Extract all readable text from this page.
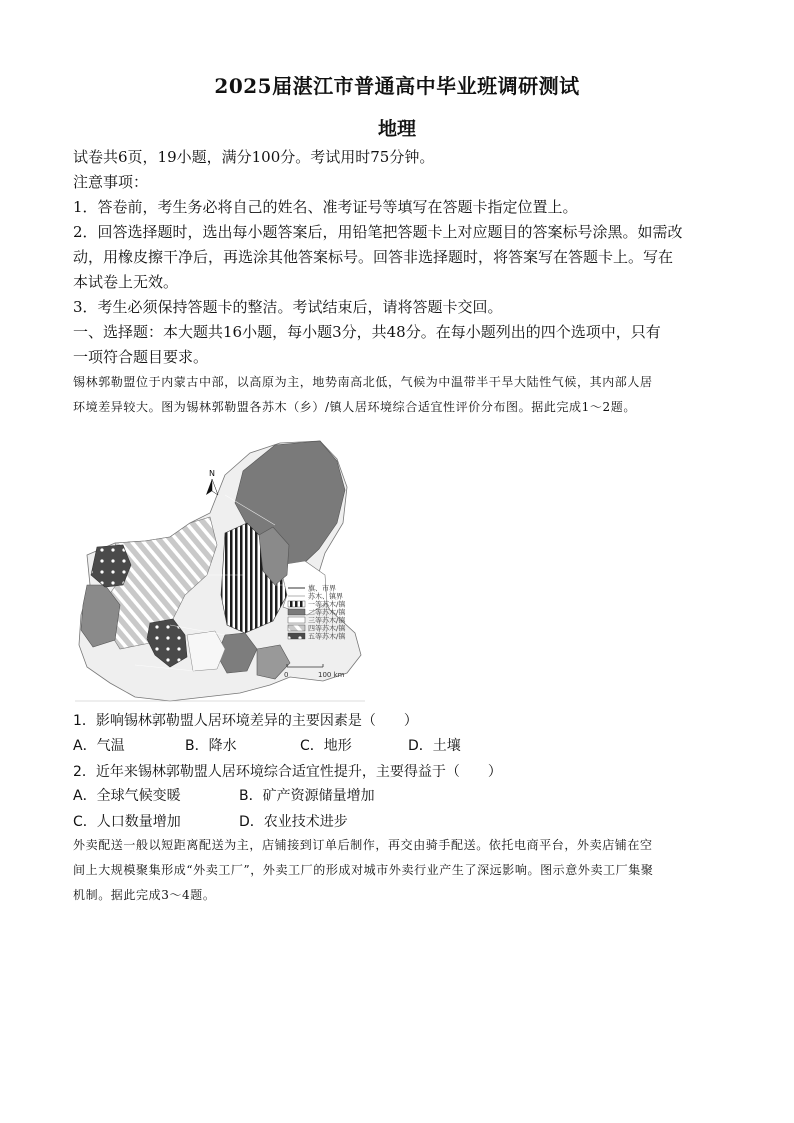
2025届湛江市普通高中毕业班调研测试
地理
试卷共6页，19小题，满分100分。考试用时75分钟。
注意事项：
1．答卷前，考生务必将自己的姓名、准考证号等填写在答题卡指定位置上。
2．回答选择题时，选出每小题答案后，用铅笔把答题卡上对应题目的答案标号涂黑。如需改
动，用橡皮擦干净后，再选涂其他答案标号。回答非选择题时，将答案写在答题卡上。写在
本试卷上无效。
3．考生必须保持答题卡的整洁。考试结束后，请将答题卡交回。
一、选择题：本大题共16小题，每小题3分，共48分。在每小题列出的四个选项中，只有
一项符合题目要求。
锡林郭勒盟位于内蒙古中部，以高原为主，地势南高北低，气候为中温带半干旱大陆性气候，其内部人居
环境差异较大。图为锡林郭勒盟各苏木（乡）/镇人居环境综合适宜性评价分布图。据此完成1～2题。
N
旗、市界
苏木、镇界
一等苏木/镇
二等苏木/镇
三等苏木/镇
四等苏木/镇
五等苏木/镇
0	100 km
1．影响锡林郭勒盟人居环境差异的主要因素是（　　）
A．气温	B．降水	C．地形	D．土壤
2．近年来锡林郭勒盟人居环境综合适宜性提升，主要得益于（　　）
A．全球气候变暖	B．矿产资源储量增加
C．人口数量增加	D．农业技术进步
外卖配送一般以短距离配送为主，店铺接到订单后制作，再交由骑手配送。依托电商平台，外卖店铺在空
间上大规模聚集形成“外卖工厂”，外卖工厂的形成对城市外卖行业产生了深远影响。图示意外卖工厂集聚
机制。据此完成3～4题。
